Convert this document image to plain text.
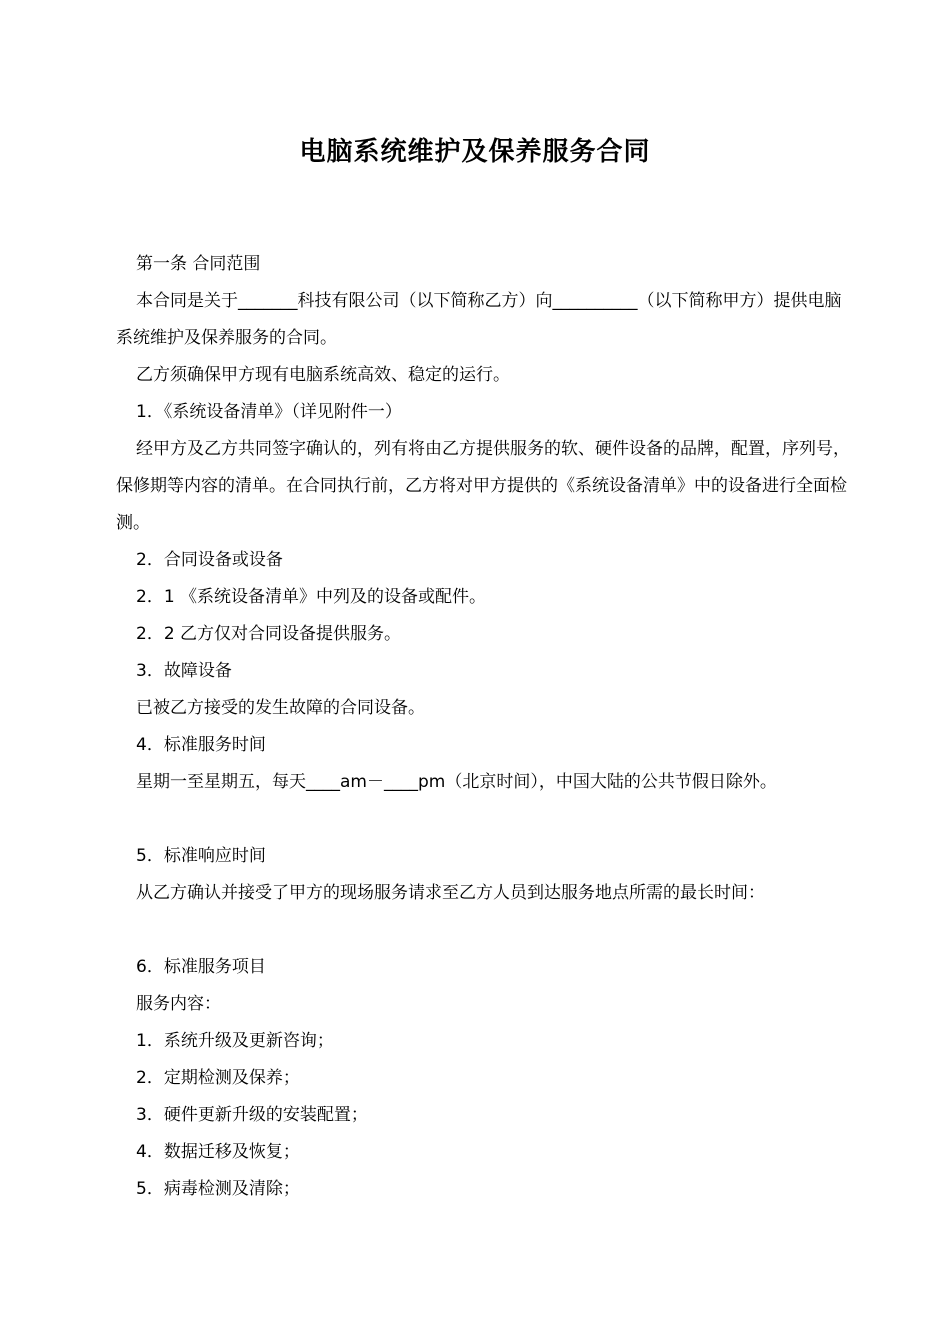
电脑系统维护及保养服务合同
第一条 合同范围
本合同是关于_______科技有限公司（以下简称乙方）向__________（以下简称甲方）提供电脑系统维护及保养服务的合同。
乙方须确保甲方现有电脑系统高效、稳定的运行。
1．《系统设备清单》（详见附件一）
经甲方及乙方共同签字确认的，列有将由乙方提供服务的软、硬件设备的品牌，配置，序列号，保修期等内容的清单。在合同执行前，乙方将对甲方提供的《系统设备清单》中的设备进行全面检测。
2．合同设备或设备
2．1 《系统设备清单》中列及的设备或配件。
2．2 乙方仅对合同设备提供服务。
3．故障设备
已被乙方接受的发生故障的合同设备。
4．标准服务时间
星期一至星期五，每天____am－____pm（北京时间），中国大陆的公共节假日除外。
5．标准响应时间
从乙方确认并接受了甲方的现场服务请求至乙方人员到达服务地点所需的最长时间：
6．标准服务项目
服务内容：
1．系统升级及更新咨询；
2．定期检测及保养；
3．硬件更新升级的安装配置；
4．数据迁移及恢复；
5．病毒检测及清除；
